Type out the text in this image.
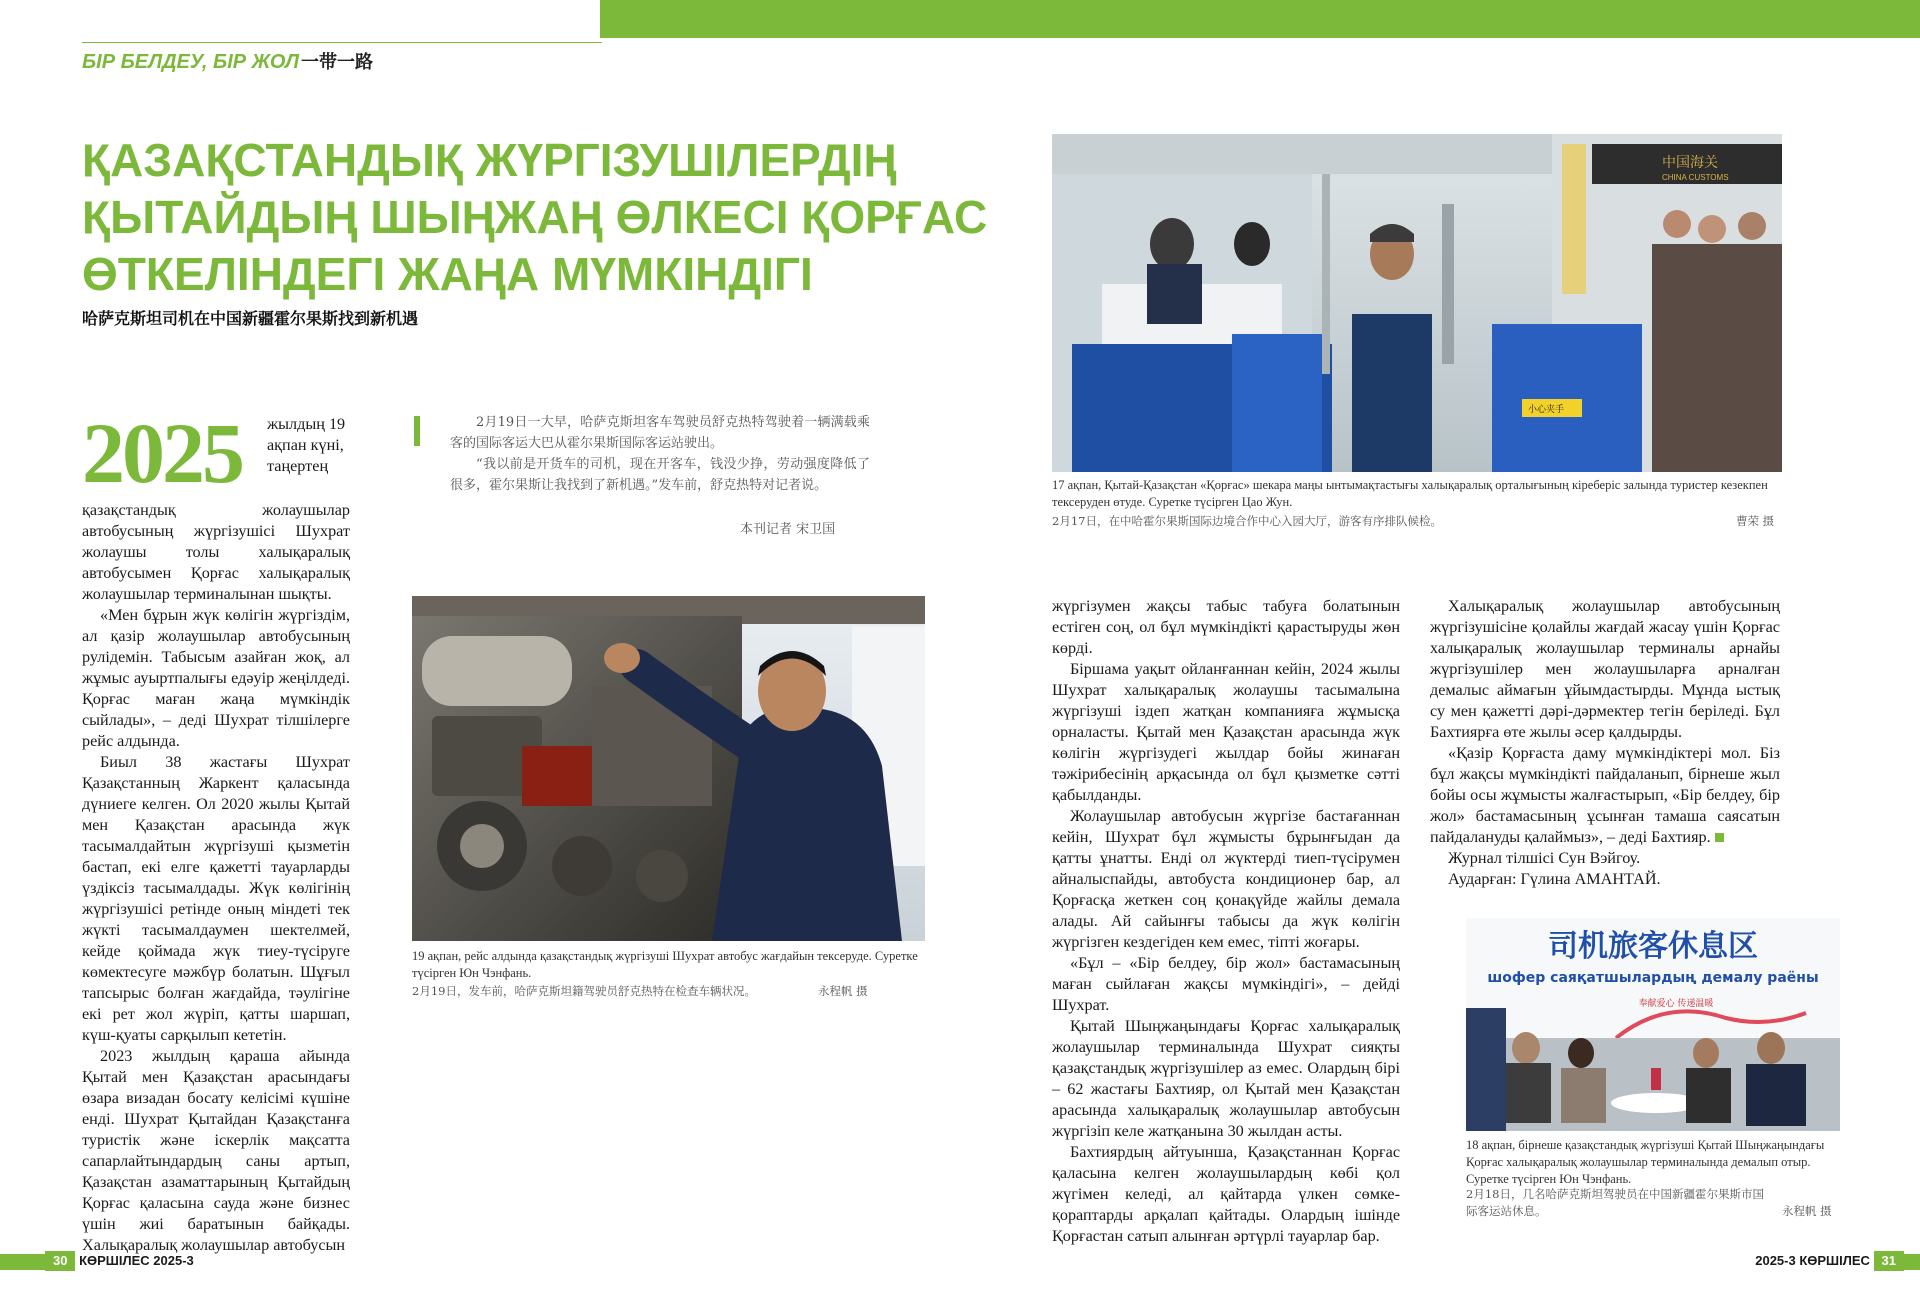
БІР БЕЛДЕУ, БІР ЖОЛ 一带一路
ҚАЗАҚСТАНДЫҚ ЖҮРГІЗУШІЛЕРДІҢ
ҚЫТАЙДЫҢ ШЫҢЖАҢ ӨЛКЕСІ ҚОРҒАС
ӨТКЕЛІНДЕГІ ЖАҢА МҮМКІНДІГІ
哈萨克斯坦司机在中国新疆霍尔果斯找到新机遇
2025 жылдың 19 ақпан күні, таңертең

қазақстандық жолаушылар автобусының жүргізушісі Шухрат жолаушы толы халықаралық автобусымен Қорғас халықаралық жолаушылар терминалынан шықты.

«Мен бұрын жүк көлігін жүргіздім, ал қазір жолаушылар автобусының рулідемін. Табысым азайған жоқ, ал жұмыс ауыртпалығы едәуір жеңілдеді. Қорғас маған жаңа мүмкіндік сыйлады», – деді Шухрат тілшілерге рейс алдында.

Биыл 38 жастағы Шухрат Қазақстанның Жаркент қаласында дүниеге келген. Ол 2020 жылы Қытай мен Қазақстан арасында жүк тасымалдайтын жүргізуші қызметін бастап, екі елге қажетті тауарларды үздіксіз тасымалдады. Жүк көлігінің жүргізушісі ретінде оның міндеті тек жүкті тасымалдаумен шектелмей, кейде қоймада жүк тиеу-түсіруге көмектесуге мәжбүр болатын. Шұғыл тапсырыс болған жағдайда, тәулігіне екі рет жол жүріп, қатты шаршап, күш-қуаты сарқылып кететін.

2023 жылдың қараша айында Қытай мен Қазақстан арасындағы өзара визадан босату келісімі күшіне енді. Шухрат Қытайдан Қазақстанға туристік және іскерлік мақсатта сапарлайтындардың саны артып, Қазақстан азаматтарының Қытайдың Қорғас қаласына сауда және бизнес үшін жиі баратынын байқады. Халықаралық жолаушылар автобусын

2月19日一大早，哈萨克斯坦客车驾驶员舒克热特驾驶着一辆满载乘客的国际客运大巴从霍尔果斯国际客运站驶出。

“我以前是开货车的司机，现在开客车，钱没少挣，劳动强度降低了很多，霍尔果斯让我找到了新机遇。”发车前，舒克热特对记者说。

本刊记者 宋卫国
19 ақпан, рейс алдында қазақстандық жүргізуші Шухрат автобус жағдайын тексеруде. Суретке түсірген Юн Чэнфань.
2月19日，发车前，哈萨克斯坦籍驾驶员舒克热特在检查车辆状况。	永程帆 摄
中国海关
CHINA CUSTOMS
小心夹手
17 ақпан, Қытай-Қазақстан «Қорғас» шекара маңы ынтымақтастығы халықаралық орталығының кіреберіс залында туристер кезекпен тексеруден өтуде. Суретке түсірген Цао Жун.
2月17日，在中哈霍尔果斯国际边境合作中心入园大厅，游客有序排队候检。	曹荣 摄

жүргізумен жақсы табыс табуға болатынын естіген соң, ол бұл мүмкіндікті қарастыруды жөн көрді.

Біршама уақыт ойланғаннан кейін, 2024 жылы Шухрат халықаралық жолаушы тасымалына жүргізуші іздеп жатқан компанияға жұмысқа орналасты. Қытай мен Қазақстан арасында жүк көлігін жүргізудегі жылдар бойы жинаған тәжірибесінің арқасында ол бұл қызметке сәтті қабылданды.

Жолаушылар автобусын жүргізе бастағаннан кейін, Шухрат бұл жұмысты бұрынғыдан да қатты ұнатты. Енді ол жүктерді тиеп-түсірумен айналыспайды, автобуста кондиционер бар, ал Қорғасқа жеткен соң қонақүйде жайлы демала алады. Ай сайынғы табысы да жүк көлігін жүргізген кездегіден кем емес, тіпті жоғары.

«Бұл – «Бір белдеу, бір жол» бастамасының маған сыйлаған жақсы мүмкіндігі», – дейді Шухрат.

Қытай Шыңжаңындағы Қорғас халықаралық жолаушылар терминалында Шухрат сияқты қазақстандық жүргізушілер аз емес. Олардың бірі – 62 жастағы Бахтияр, ол Қытай мен Қазақстан арасында халықаралық жолаушылар автобусын жүргізіп келе жатқанына 30 жылдан асты.

Бахтиярдың айтуынша, Қазақстаннан Қорғас қаласына келген жолаушылардың көбі қол жүгімен келеді, ал қайтарда үлкен сөмке-қораптарды арқалап қайтады. Олардың ішінде Қорғастан сатып алынған әртүрлі тауарлар бар.

Халықаралық жолаушылар автобусының жүргізушісіне қолайлы жағдай жасау үшін Қорғас халықаралық жолаушылар терминалы арнайы жүргізушілер мен жолаушыларға арналған демалыс аймағын ұйымдастырды. Мұнда ыстық су мен қажетті дәрі-дәрмектер тегін беріледі. Бұл Бахтиярға өте жылы әсер қалдырды.

«Қазір Қорғаста даму мүмкіндіктері мол. Біз бұл жақсы мүмкіндікті пайдаланып, бірнеше жыл бойы осы жұмысты жалғастырып, «Бір белдеу, бір жол» бастамасының ұсынған тамаша саясатын пайдалануды қалаймыз», – деді Бахтияр.

Журнал тілшісі Сун Вэйгоу.

Аударған: Гүлина АМАНТАЙ.

司机旅客休息区
шофер саяқатшылардың демалу раёны
奉献爱心 传递温暖
18 ақпан, бірнеше қазақстандық жүргізуші Қытай Шыңжаңындағы Қорғас халықаралық жолаушылар терминалында демалып отыр. Суретке түсірген Юн Чэнфань.
2月18日，几名哈萨克斯坦驾驶员在中国新疆霍尔果斯市国际客运站休息。	永程帆 摄
30 КӨРШІЛЕС 2025-3	2025-3 КӨРШІЛЕС 31
